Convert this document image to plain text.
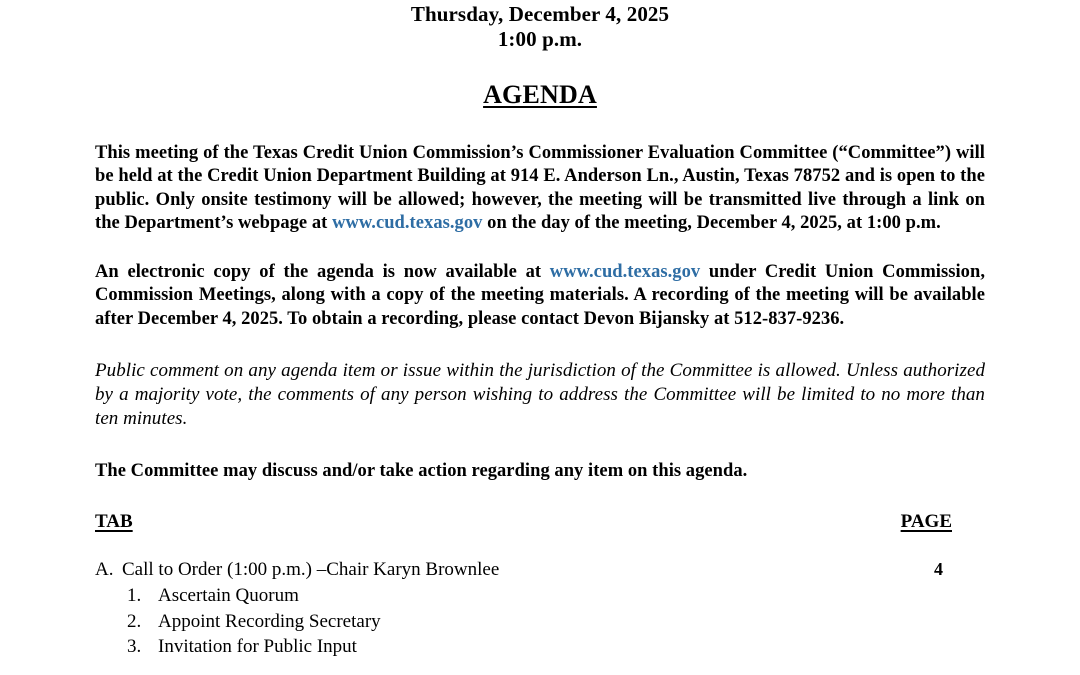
Thursday, December 4, 2025
1:00 p.m.
AGENDA

This meeting of the Texas Credit Union Commission’s Commissioner Evaluation Committee (“Committee”) will be held at the Credit Union Department Building at 914 E. Anderson Ln., Austin, Texas 78752 and is open to the public. Only onsite testimony will be allowed; however, the meeting will be transmitted live through a link on the Department’s webpage at www.cud.texas.gov on the day of the meeting, December 4, 2025, at 1:00 p.m.

An electronic copy of the agenda is now available at www.cud.texas.gov under Credit Union Commission, Commission Meetings, along with a copy of the meeting materials. A recording of the meeting will be available after December 4, 2025. To obtain a recording, please contact Devon Bijansky at 512-837-9236.

Public comment on any agenda item or issue within the jurisdiction of the Committee is allowed. Unless authorized by a majority vote, the comments of any person wishing to address the Committee will be limited to no more than ten minutes.

The Committee may discuss and/or take action regarding any item on this agenda.

TAB	PAGE
A. Call to Order (1:00 p.m.) –Chair Karyn Brownlee	4
1. Ascertain Quorum
2. Appoint Recording Secretary
3. Invitation for Public Input
